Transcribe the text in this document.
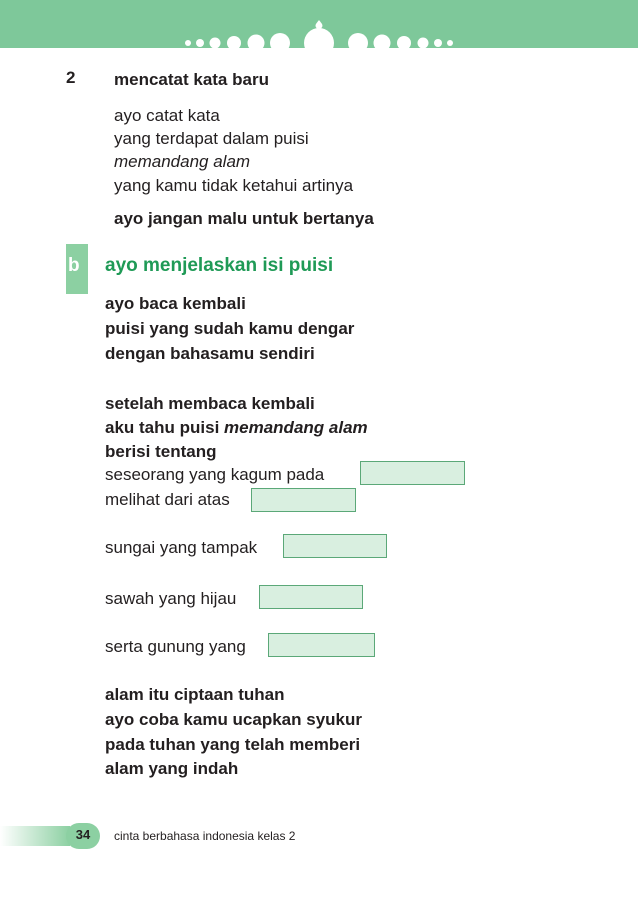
2 mencatat kata baru
ayo catat kata
yang terdapat dalam puisi
memandang alam
yang kamu tidak ketahui artinya
ayo jangan malu untuk bertanya
b ayo menjelaskan isi puisi
ayo baca kembali
puisi yang sudah kamu dengar
dengan bahasamu sendiri
setelah membaca kembali
aku tahu puisi memandang alam
berisi tentang
seseorang yang kagum pada
melihat dari atas
sungai yang tampak
sawah yang hijau
serta gunung yang
alam itu ciptaan tuhan
ayo coba kamu ucapkan syukur
pada tuhan yang telah memberi
alam yang indah
34	cinta berbahasa indonesia kelas 2
